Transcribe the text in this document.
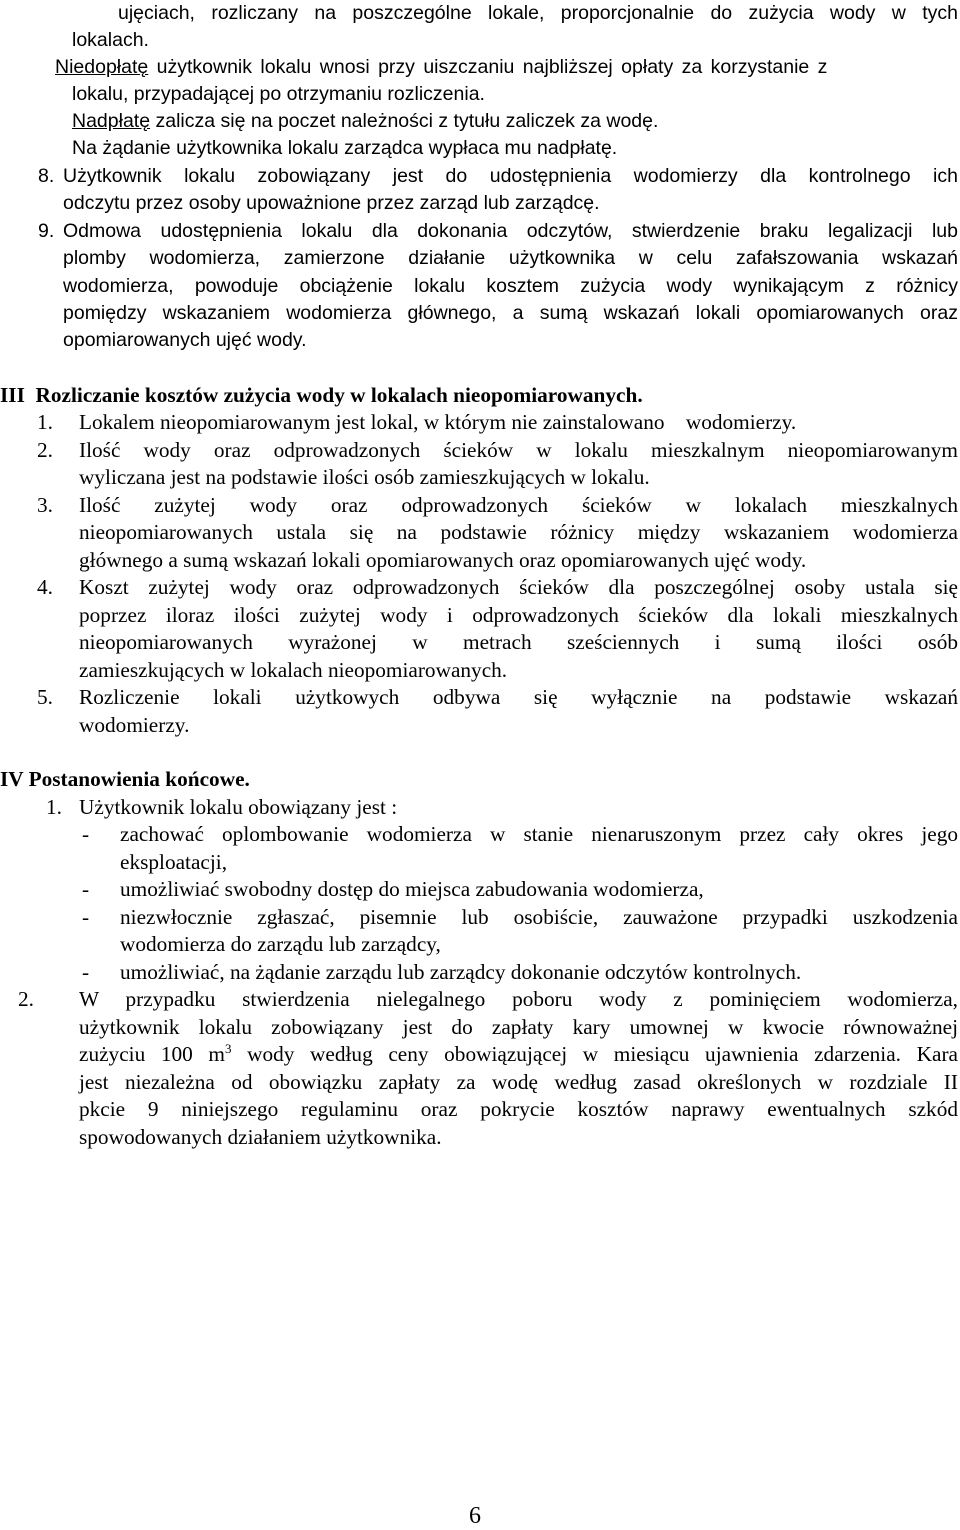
ujęciach, rozliczany na poszczególne lokale, proporcjonalnie do zużycia wody w tych
lokalach.
Niedopłatę użytkownik lokalu wnosi przy uiszczaniu najbliższej opłaty za korzystanie z
lokalu, przypadającej po otrzymaniu rozliczenia.
Nadpłatę zalicza się na poczet należności z tytułu zaliczek za wodę.
Na żądanie użytkownika lokalu zarządca wypłaca mu nadpłatę.
8. Użytkownik lokalu zobowiązany jest do udostępnienia wodomierzy dla kontrolnego ich
odczytu przez osoby upoważnione przez zarząd lub zarządcę.
9. Odmowa udostępnienia lokalu dla dokonania odczytów, stwierdzenie braku legalizacji lub
plomby wodomierza, zamierzone działanie użytkownika w celu zafałszowania wskazań
wodomierza, powoduje obciążenie lokalu kosztem zużycia wody wynikającym z różnicy
pomiędzy wskazaniem wodomierza głównego, a sumą wskazań lokali opomiarowanych oraz
opomiarowanych ujęć wody.
III  Rozliczanie kosztów zużycia wody w lokalach nieopomiarowanych.
1. Lokalem nieopomiarowanym jest lokal, w którym nie zainstalowano    wodomierzy.
2. Ilość wody oraz odprowadzonych ścieków w lokalu mieszkalnym nieopomiarowanym
wyliczana jest na podstawie ilości osób zamieszkujących w lokalu.
3. Ilość zużytej wody oraz odprowadzonych ścieków w lokalach mieszkalnych
nieopomiarowanych ustala się na podstawie różnicy między wskazaniem wodomierza
głównego a sumą wskazań lokali opomiarowanych oraz opomiarowanych ujęć wody.
4. Koszt zużytej wody oraz odprowadzonych ścieków dla poszczególnej osoby ustala się
poprzez iloraz ilości zużytej wody i odprowadzonych ścieków dla lokali mieszkalnych
nieopomiarowanych wyrażonej w metrach sześciennych i sumą ilości osób
zamieszkujących w lokalach nieopomiarowanych.
5. Rozliczenie lokali użytkowych odbywa się wyłącznie na podstawie wskazań
wodomierzy.
IV Postanowienia końcowe.
1. Użytkownik lokalu obowiązany jest :
- zachować oplombowanie wodomierza w stanie nienaruszonym przez cały okres jego
eksploatacji,
- umożliwiać swobodny dostęp do miejsca zabudowania wodomierza,
- niezwłocznie zgłaszać, pisemnie lub osobiście, zauważone przypadki uszkodzenia
wodomierza do zarządu lub zarządcy,
- umożliwiać, na żądanie zarządu lub zarządcy dokonanie odczytów kontrolnych.
2. W przypadku stwierdzenia nielegalnego poboru wody z pominięciem wodomierza,
użytkownik lokalu zobowiązany jest do zapłaty kary umownej w kwocie równoważnej
zużyciu 100 $m^3$ wody według ceny obowiązującej w miesiącu ujawnienia zdarzenia. Kara
jest niezależna od obowiązku zapłaty za wodę według zasad określonych w rozdziale II
pkcie 9 niniejszego regulaminu oraz pokrycie kosztów naprawy ewentualnych szkód
spowodowanych działaniem użytkownika.
6
